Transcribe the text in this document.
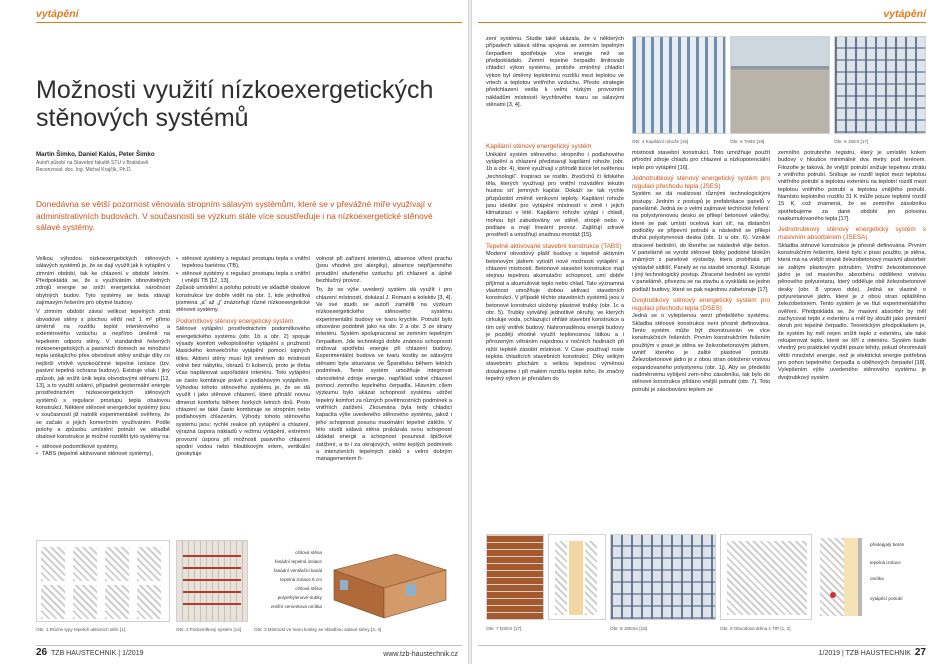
vytápění
Možnosti využití nízkoexergetických stěnových systémů
Martin Šimko, Daniel Kalús, Peter Šimko
Autoři působí na Stavební fakultě STU v Bratislavě.
Recenzoval: doc. Ing. Michal Krajčík, Ph.D.
Donedávna se větší pozornost věnovala stropním sálavým systémům, které se v převážné míře využívají v administrativních budovách. V současnosti se výzkum stále více soustřeďuje i na nízkoexergetické stěnové sálavé systémy.

Velkou výhodou nízkoexergetických stěnových sálavých systémů je, že se dají využít jak k vytápění v zimním období, tak ke chlazení v období letním. Předpokládá se, že s využíváním obnovitelných zdrojů energie se sníží energetická náročnost obytných budov. Tyto systémy se teda stávají zajímavým řešením pro obytné budovy.

V zimním období závisí velikost tepelných ztrát obvodové stěny s plochou větší než 1 m² přímo úměrně na rozdílu teplot interiérového a exteriérového vzduchu a nepřímo úměrně na tepelném odporu stěny. V standardně řešených nízkoenergetických a pasivních domech se množství tepla unikajícího přes obvodové stěny snižuje díky co nejširší vrstvě vysokoúčinné tepelné izolace (tzv. pasivní tepelná ochrana budovy). Existuje však i jiný způsob, jak snížit únik tepla obvodovými stěnami [12, 13], a to využití solární, případně geotermální energie prostřednictvím nízkoexergetických stěnových systémů s regulace prostupu tepla obalovou konstrukcí. Některé stěnové energetické systémy jsou v současnosti již natolik experimentálně ověřeny, že se začalo s jejich komerčním využíváním. Podle polohy a způsobu umístění potrubí ve skladbě obalové konstrukce je možné rozdělit tyto systémy na:

• stěnové podomítkové systémy,
• TABS (tepelně aktivované stěnové systémy),
• stěnové systémy s regulací prostupu tepla s vnitřní tepelnou bariérou (TB),
• stěnové systémy s regulací prostupu tepla s vnitřní i vnější TB [12, 13].

Způsob umístění a polohu potrubí ve skladbě obalové konstrukce lze dobře vidět na obr. 1, kde jednotlivá písmena „a“ až „j“ znázorňují různé nízkoexergetické stěnové systémy.

Podomítkový stěnový energetický systém

Stěnové vytápění prostřednictvím podomítkového energetického systému (obr. 1b a obr. 2) spojuje výsady komfort velkoplošného vytápění s pružností klasického konvekčního vytápění pomocí topných těles. Aktivní stěny musí být směrem do místnosti volné bez nábytku, obrazů či koberců, proto je třeba včas naplánovat uspořádání interiéru. Toto vytápění se často kombinuje právě s podlahovým vytápěním. Výhodou tohoto stěnového systému je, že se dá využít i jako stěnové chlazení, které přináší novou dimenzi komfortu během horkých letních dnů. Proto chlazení se také často kombinuje se stropním nebo podlahovým chlazením. Výhody tohoto stěnového systému jsou: rychlé reakce při vytápění a chlazení, výrazná úspora nákladů v režimu vytápění, extrémní provozní úspora při možnosti pasivního chlazení spodní vodou nebo hloubkovým vrtem, vertikální (poskytuje

volnost při zařízení interiéru), absence víření prachu (jsou vhodné pro alergiky), absence nepříjemného proudění studeného vzduchu při chlazení a úplně bezhlučný provoz.

To, že se výše uvedený systém dá využít i pro chlazení místností, dokázal J. Romani a kolektiv [3, 4]. Ve své studii se autoři zaměřili na výzkum nízkoexergetického stěnového systému experimentální budovy ve tvaru krychle. Potrubí bylo situováno podobně jako na obr. 2 a obr. 3 ze strany interiéru. Systém spolupracoval se zemním tepelným čerpadlem. Jde technologii dobře známou schopností snižovat spotřebu energie při chlazení budovy. Experimentální budova ve tvaru kostky se sálavými stěnami byla situována ve Španělsku během letních podmínek. Tento systém umožňuje integrovat obnovitelné zdroje energie, například volné chlazení pomocí zemního tepelného čerpadla. Hlavním cílem výzkumu bylo ukázat schopnost systému udržet tepelný komfort za různých povětrnostních podmínek a vnitřních zatížení. Zkoumána byla tedy chladicí kapacita výše uvedeného stěnového systému, jakož i jeho schopnost posunu maximální tepelné zátěže. V této studii sálavá stěna prokázala svou schopnost ukládat energii a schopnost posunout špičkové zatížení, a to i za okrajových, velmi teplých podmínek a intenzivních tepelných zisků s velmi dobrým managementem fi-

Obr. 1 Různé typy tepelně aktivních stěn [1]	Obr. 2 Podomítkový systém [14]
cihlová stěna
fasádní tepelná izolace
fasádní ventilační kanál
tepelná izolace 6 cm
cihlová stěna
polyethylenové trubky
vnitřní cementová omítka
Obr. 3 Místnost ve tvaru kostky se skladbou sálavé stěny [3, 4]
26 TZB HAUSTECHNIK | 1/2019	www.tzb-haustechnik.cz
vytápění

zení systému. Studie také ukázala, že v některých případech sálavá stěna spojená se zemním tepelným čerpadlem spotřebuje více energie než se předpokládalo. Zemní tepelné čerpadlo limitovalo chladicí výkon systému, protože zmíněný chladicí výkon byl úměrný teplotnímu rozdílu mezi teplotou ve vrtech a teplotou vnitřního vzduchu. Přesto strategie předchlazení vedla k velmi nízkým provozním nákladům místností krychlového tvaru se sálavými stěnami [3, 4].

Obr. 4 Kapilární rohože [15]	Obr. 5 TABS [16]	Obr. 6 JSES [17]
Kapilární stěnový energetický systém

Unikátní systém stěnového, stropního i podlahového vytápění a chlazení představují kapilární rohože (obr. 1b a obr. 4), které využívají v přírodě tisíce let ověřenou „technologii“. Inspiraci se rostlin, živočichů či lidského těla, kterých využívají pro vnitřní rozvádění tekutin hustou síť jemných kapilár. Dokáží se tak rychle přizpůsobit změně venkovní teploty. Kapilární rohože jsou ideální pro vytápění místností v zimě i jejich klimatizaci v létě. Kapilární rohože vytápí i chladí, mohou být zabudovány ve stěně, stropě nebo v podlaze a mají lineární provoz. Zajišťují zdravé prostředí a umožňují snadnou montáž [15].

Tepelně aktivované stavební konstrukce (TABS)

Moderní obvodový plášť budovy s tepelně aktivním betonovým jádrem vytváří nové možnosti vytápění a chlazení místností. Betonové stavební konstrukce mají stejnou tepelnou akumulační schopnost, umí dobře přijímat a akumulovat teplo nebo chlad. Tato významná vlastnost umožňuje dobou aktivaci stavebních konstrukcí. V případě těchto stavebních systémů jsou v betonové konstrukci uloženy plastové trubky (obr. 1c a obr. 5). Trubky vytvářejí jednotlivé okruhy, ve kterých cirkuluje voda, ochlazující ohřáté stavební konstrukce a tím celý vnitřek budovy. Nahromaděnou energii budovy je později vhodné využít teplonosnou látkou a i přirozeným větráním najednou v nočních hodinách při nižší teplotě zásobit místnost. V Case používají roste teplota chladících stavebních konstrukcí. Díky velkým stavebním plochám s velkou tepelnou výměnou dosahujeme i při malém rozdílu teplot toho, že značný tepelný výkon je přenášen do

místnosti stavební konstrukcí. Toto umožňuje použít přírodní zdroje chladu pro chlazení a nízkopotenciální teplo pro vytápění [16].

Jednotrubkový stěnový energetický systém pro regulaci přechodu tepla (JSES)

Systém se dá realizovat různými technologickými postupy. Jedním z postupů je prefabrikace panelů v panelárně. Jedná se o velmi zajímavé technické řešení: na polystyrenovou desku se přilepí betonové válečky, které se pak umístí ocelová kari síť, na distanční podložky se připevní potrubí a následně se přilepí druhá polystyrenová deska (obr. 1i a obr. 6). Vzniklé stracené bednění, do kterého se následně vlije beton. V panelárně se vyrobí stěnové bloky podobné blokům známých z panelové výstavby, která probíhala při výstavbě sídlišť. Panely se na stavbě smontují. Existuje i jiný technologický postup. Ztracené bednění se vyrobí v panelárně, přivezou se na stavbu a vyskládá se jedno podlaží budovy, které se pak najednou zabetonuje [17].

Dvojtrubkový stěnový energetický systém pro regulaci přechodu tepla (DSES)

Jedná se o vylepšenou verzi předešlého systému. Skladba stěnové konstrukce není přesně definována. Tento systém může být zkonstruován ve více konstrukčních řešeních. Prvním konstrukčním řešením použitým v praxi je stěna se železobetonovým jádrem, uvnitř kterého je zalité plastové potrubí. Železobetonové jádro je z obou stran obloženo vrstvou expandovaného polystyrenu (obr. 1j). Aby se předešlo nadměrnému vybíjení zem-ního zásobníku, tak bylo do stěnové konstrukce přidáno vnější potrubí (obr. 7). Toto potrubí je zásobováno teplem ze

zemního potrubního registru, který je umístěn kolem budovy v hloubce minimálně dva metry pod terénem. Filozofie je taková, že vnější potrubí snižuje tepelnou ztrátu z vnitřního potrubí. Sníkuje se rozdíl teplot mezi teplotou vnitřního potrubí a teplotou exteriéru na teplotní rozdíl mezi teplotou vnitřního potrubí a teplotou vnějšího potrubí. Namísto teplotního rozdílu 31 K může pouze teplotní rozdíl 15 K, což znamená, že se zemního zásobníku spotřebujeme za dané období jen polovinu naakumulovaného tepla [17].

Jednotrubkový stěnový energetický systém s masivním absorbérem (JSESA)

Skladba stěnové konstrukce je přesně definována. Prvním konstrukčním řešením, které bylo v praxi použito, je stěna, která má na vnější straně železobetonový masivní absorbér se zalitým plastovým potrubím. Vnitřní železobetonové jádro je od masivního absorbéru odděleno vrstvou pěnového polyuretanu, který odděluje obě železobetonové desky (obr. 8 vpravo dole). Jedná se vlastně o polyuretanové jádro, které je z obou stran opláštěno železobetonem. Tento systém je ve fázi experimentálního ověření. Předpokládá se, že masivní absorbér by měl zachycovat teplo z exteriéru a měl by sloužit jako primární okruh pro tepelné čerpadlo. Teoretickým předpokladem je, že systém by měl nejen snížit teplo z exteriéru, ale také rekuperovat teplo, které se šíří z interiéru. Systém bude vhodný pro praktické využití pouze tehdy, pokud ohromnásli větší množství energie, než je elektrická energie potřebná pro pohon tepelného čerpadla a oběhových čerpadel [18]. Vylepšením výše uvedeného stěnového systému je dvojtrubkový systém

Obr. 7 DSES [17]	Obr. 8 JSESA [18]	Obr. 9 Obvodová stěna s TIP [1, 2]
předepjatý beton
tepelná izolace
omítka
vytápěcí potrubí
1/2019 | TZB HAUSTECHNIK 27
